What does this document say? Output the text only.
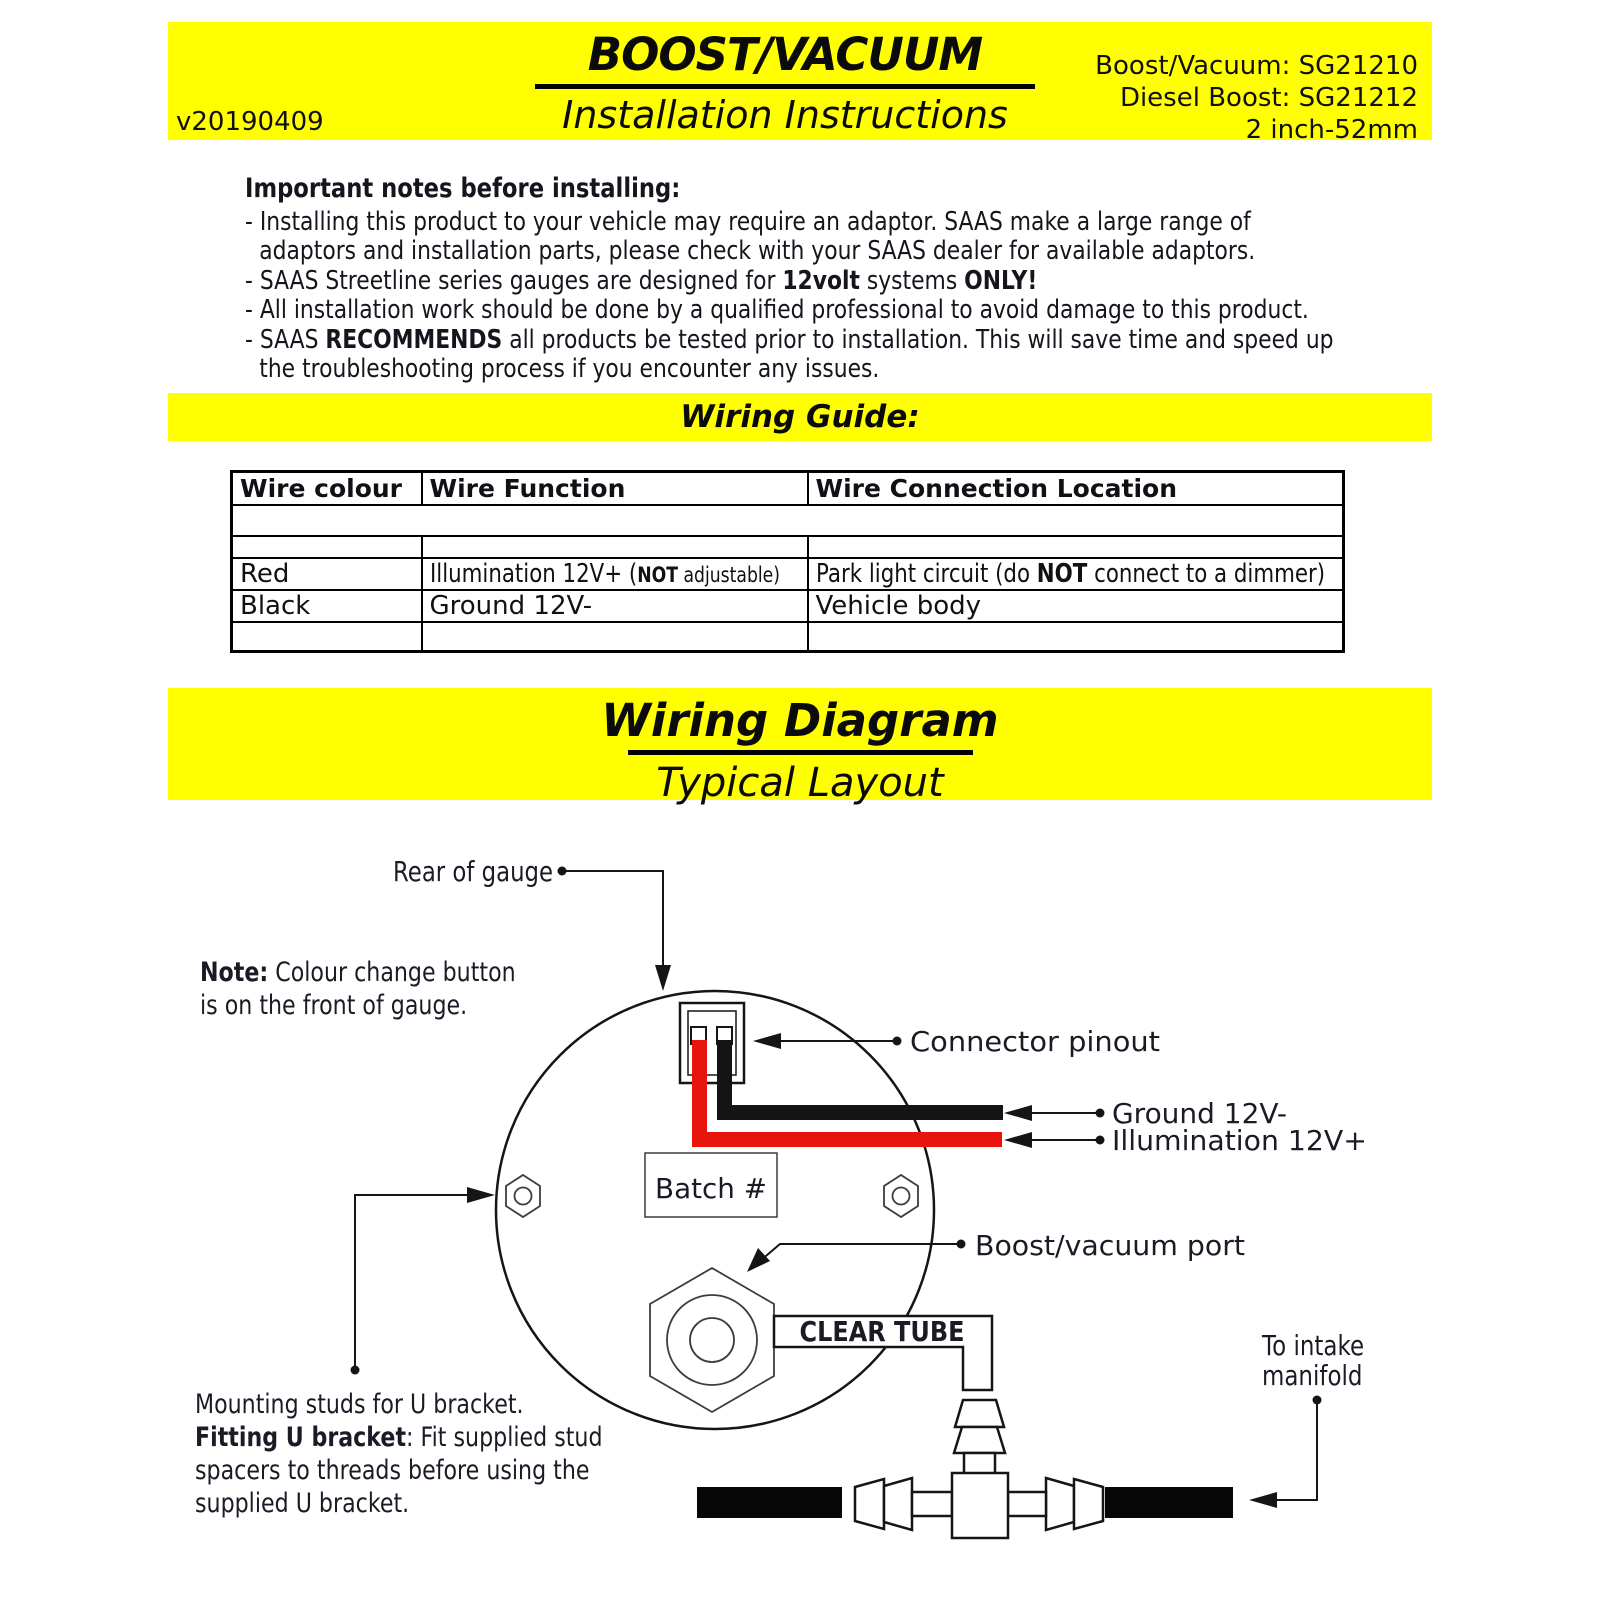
BOOST/VACUUM
Installation Instructions
Boost/Vacuum: SG21210
Diesel Boost: SG21212
2 inch-52mm
v20190409
Important notes before installing:
- Installing this product to your vehicle may require an adaptor. SAAS make a large range of
adaptors and installation parts, please check with your SAAS dealer for available adaptors.
- SAAS Streetline series gauges are designed for 12volt systems ONLY!
- All installation work should be done by a qualified professional to avoid damage to this product.
- SAAS RECOMMENDS all products be tested prior to installation. This will save time and speed up
the troubleshooting process if you encounter any issues.
Wiring Guide:
Wire colour	Wire Function	Wire Connection Location

Red	Illumination 12V+ (NOT adjustable)	Park light circuit (do NOT connect to a dimmer)
Black	Ground 12V-	Vehicle body

Wiring Diagram
Typical Layout
Batch #
CLEAR TUBE
Rear of gauge
Connector pinout
Ground 12V-
Illumination 12V+
Boost/vacuum port
Note: Colour change button
is on the front of gauge.
Mounting studs for U bracket.
Fitting U bracket: Fit supplied stud
spacers to threads before using the
supplied U bracket.
To intake
manifold
